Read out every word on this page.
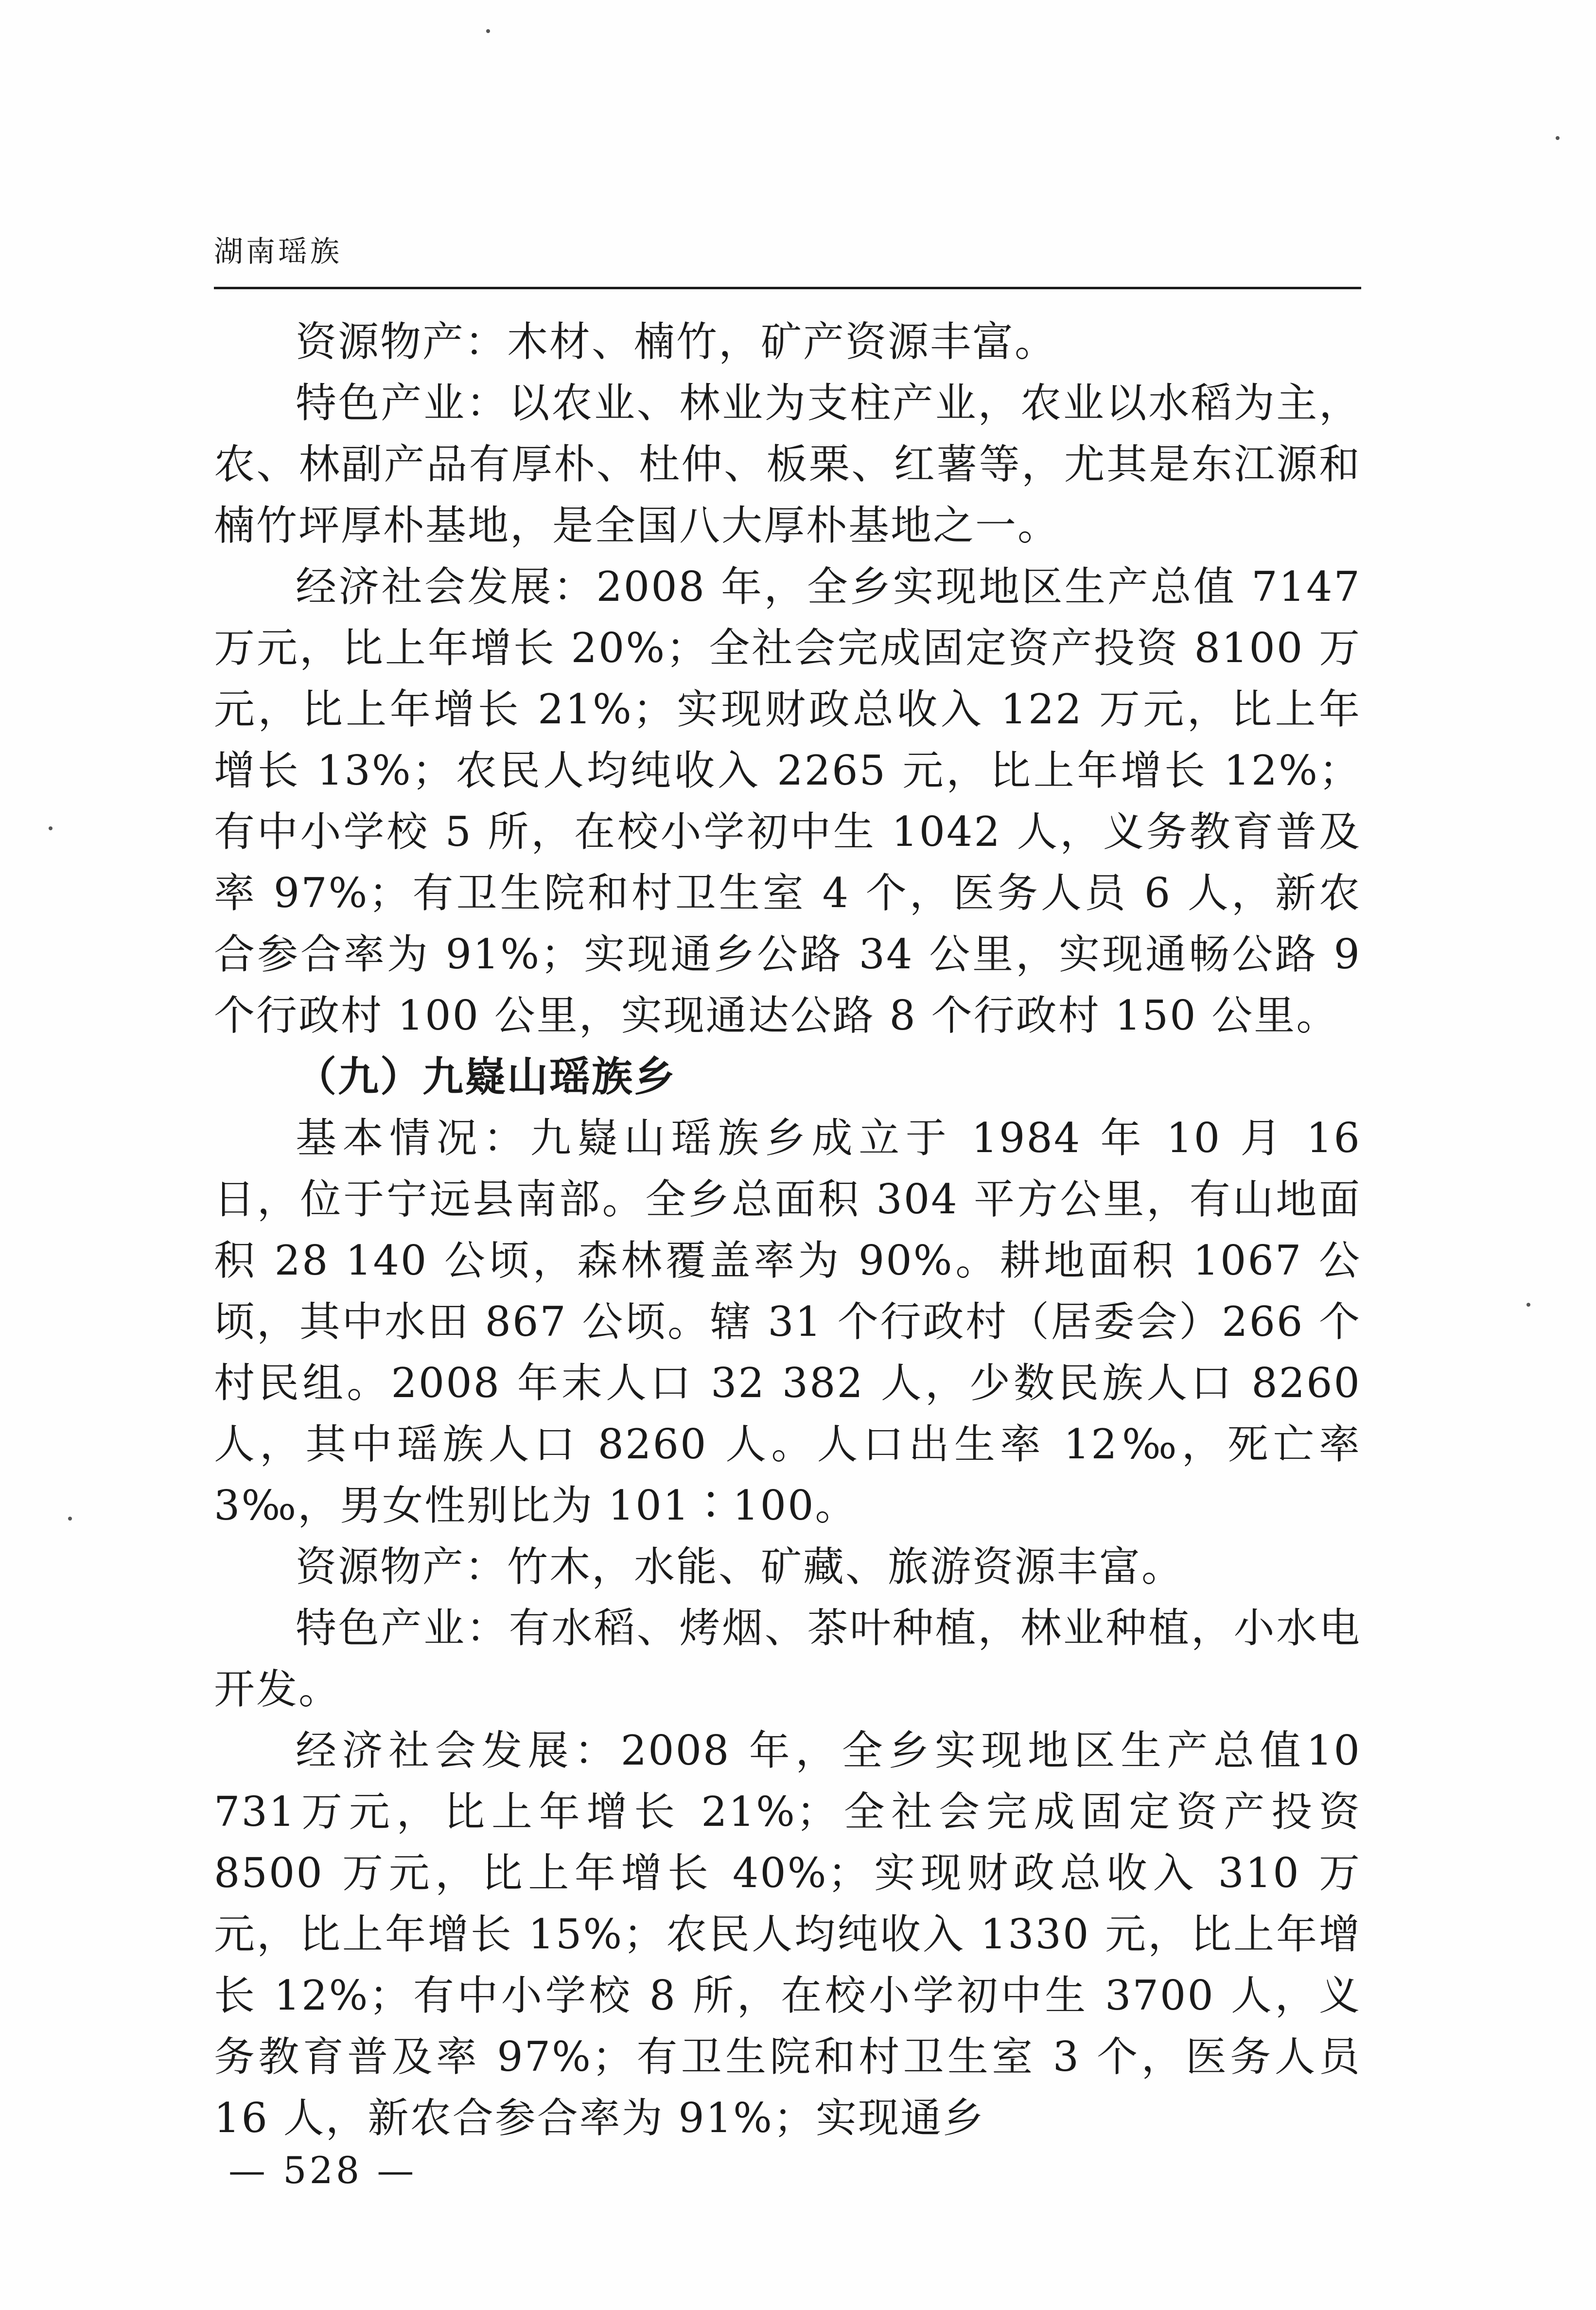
湖南瑶族

资源物产：木材、楠竹，矿产资源丰富。

特色产业：以农业、林业为支柱产业，农业以水稻为主，农、林副产品有厚朴、杜仲、板栗、红薯等，尤其是东江源和楠竹坪厚朴基地，是全国八大厚朴基地之一。

经济社会发展：2008 年，全乡实现地区生产总值 7147 万元，比上年增长 20%；全社会完成固定资产投资 8100 万元，比上年增长 21%；实现财政总收入 122 万元，比上年增长 13%；农民人均纯收入 2265 元，比上年增长 12%；有中小学校 5 所，在校小学初中生 1042 人，义务教育普及率 97%；有卫生院和村卫生室 4 个，医务人员 6 人，新农合参合率为 91%；实现通乡公路 34 公里，实现通畅公路 9 个行政村 100 公里，实现通达公路 8 个行政村 150 公里。

（九）九嶷山瑶族乡

基本情况：九嶷山瑶族乡成立于 1984 年 10 月 16 日，位于宁远县南部。全乡总面积 304 平方公里，有山地面积 28 140 公顷，森林覆盖率为 90%。耕地面积 1067 公顷，其中水田 867 公顷。辖 31 个行政村（居委会）266 个村民组。2008 年末人口 32 382 人，少数民族人口 8260 人，其中瑶族人口 8260 人。人口出生率 12‰，死亡率 3‰，男女性别比为 101∶100。

资源物产：竹木，水能、矿藏、旅游资源丰富。

特色产业：有水稻、烤烟、茶叶种植，林业种植，小水电开发。

经济社会发展：2008 年，全乡实现地区生产总值10 731万元，比上年增长 21%；全社会完成固定资产投资 8500 万元，比上年增长 40%；实现财政总收入 310 万元，比上年增长 15%；农民人均纯收入 1330 元，比上年增长 12%；有中小学校 8 所，在校小学初中生 3700 人，义务教育普及率 97%；有卫生院和村卫生室 3 个，医务人员 16 人，新农合参合率为 91%；实现通乡

— 528 —
